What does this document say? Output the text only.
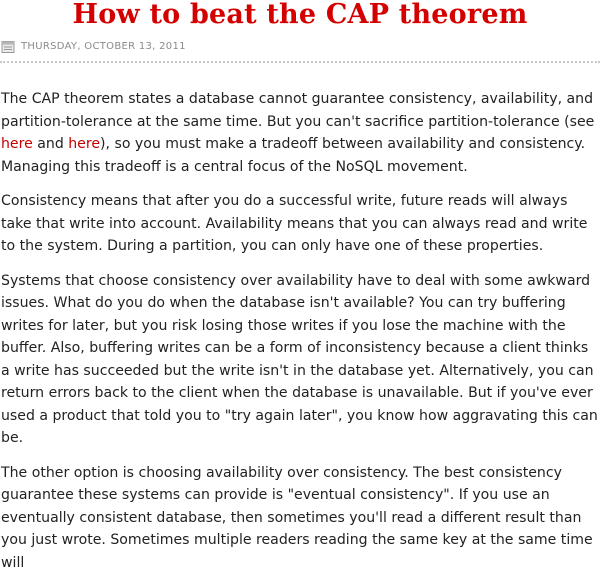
How to beat the CAP theorem
THURSDAY, OCTOBER 13, 2011

The CAP theorem states a database cannot guarantee consistency, availability, and partition-tolerance at the same time. But you can't sacrifice partition-tolerance (see here and here), so you must make a tradeoff between availability and consistency. Managing this tradeoff is a central focus of the NoSQL movement.

Consistency means that after you do a successful write, future reads will always take that write into account. Availability means that you can always read and write to the system. During a partition, you can only have one of these properties.

Systems that choose consistency over availability have to deal with some awkward issues. What do you do when the database isn't available? You can try buffering writes for later, but you risk losing those writes if you lose the machine with the buffer. Also, buffering writes can be a form of inconsistency because a client thinks a write has succeeded but the write isn't in the database yet. Alternatively, you can return errors back to the client when the database is unavailable. But if you've ever used a product that told you to "try again later", you know how aggravating this can be.

The other option is choosing availability over consistency. The best consistency guarantee these systems can provide is "eventual consistency". If you use an eventually consistent database, then sometimes you'll read a different result than you just wrote. Sometimes multiple readers reading the same key at the same time will
